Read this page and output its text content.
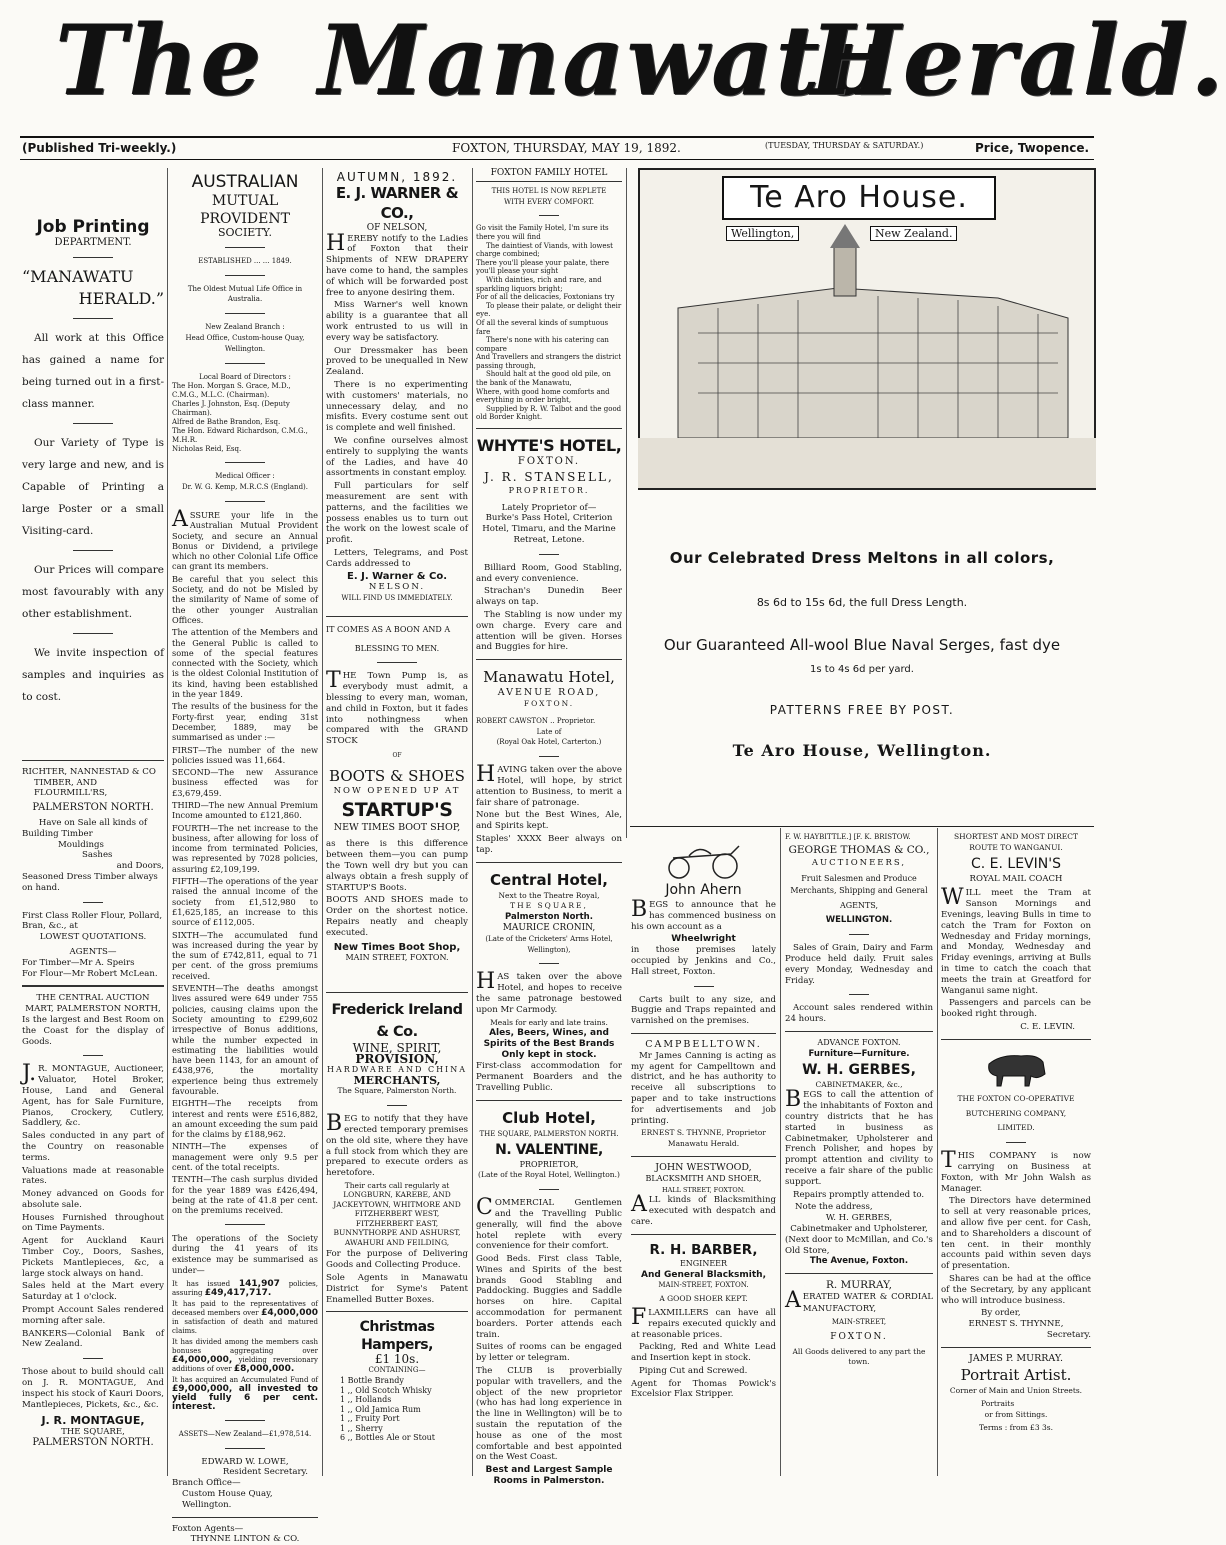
The Manawatu
Herald.
(Published Tri-weekly.)	FOXTON, THURSDAY, MAY 19, 1892.	(TUESDAY, THURSDAY & SATURDAY.)	Price, Twopence.
Job Printing
DEPARTMENT.
“MANAWATU
HERALD.”

All work at this Office has gained a name for being turned out in a first-class manner.

Our Variety of Type is very large and new, and is Capable of Printing a large Poster or a small Visiting-card.

Our Prices will compare most favourably with any other establishment.

We invite inspection of samples and inquiries as to cost.

RICHTER, NANNESTAD & CO
TIMBER, AND FLOURMILL'RS,
PALMERSTON NORTH.
Have on Sale all kinds of
Building Timber
Mouldings
Sashes
and Doors,
Seasoned Dress Timber always on hand.
First Class Roller Flour, Pollard, Bran, &c., at
LOWEST QUOTATIONS.
AGENTS—
For Timber—Mr A. Speirs
For Flour—Mr Robert McLean.
THE CENTRAL AUCTION MART, PALMERSTON NORTH,
Is the largest and Best Room on the Coast for the display of Goods.

J.R. MONTAGUE, Auctioneer, Valuator, Hotel Broker, House, Land and General Agent, has for Sale Furniture, Pianos, Crockery, Cutlery, Saddlery, &c.

Sales conducted in any part of the Country on reasonable terms.

Valuations made at reasonable rates.

Money advanced on Goods for absolute sale.

Houses Furnished throughout on Time Payments.

Agent for Auckland Kauri Timber Coy., Doors, Sashes, Pickets Mantlepieces, &c, a large stock always on hand.

Sales held at the Mart every Saturday at 1 o'clock.

Prompt Account Sales rendered morning after sale.

BANKERS—Colonial Bank of New Zealand.

Those about to build should call on J. R. MONTAGUE, And inspect his stock of Kauri Doors, Mantlepieces, Pickets, &c., &c.

J. R. MONTAGUE,
THE SQUARE,
PALMERSTON NORTH.
AUSTRALIAN
MUTUAL PROVIDENT
SOCIETY.
ESTABLISHED ... ... 1849.
The Oldest Mutual Life Office in Australia.
New Zealand Branch :
Head Office, Custom-house Quay, Wellington.
Local Board of Directors :
The Hon. Morgan S. Grace, M.D., C.M.G., M.L.C. (Chairman).
Charles J. Johnston, Esq. (Deputy Chairman).
Alfred de Bathe Brandon, Esq.
The Hon. Edward Richardson, C.M.G., M.H.R.
Nicholas Reid, Esq.
Medical Officer :
Dr. W. G. Kemp, M.R.C.S (England).

ASSURE your life in the Australian Mutual Provident Society, and secure an Annual Bonus or Dividend, a privilege which no other Colonial Life Office can grant its members.

Be careful that you select this Society, and do not be Misled by the similarity of Name of some of the other younger Australian Offices.

The attention of the Members and the General Public is called to some of the special features connected with the Society, which is the oldest Colonial Institution of its kind, having been established in the year 1849.

The results of the business for the Forty-first year, ending 31st December, 1889, may be summarised as under :—

FIRST—The number of the new policies issued was 11,664.

SECOND—The new Assurance business effected was for £3,679,459.

THIRD—The new Annual Premium Income amounted to £121,860.

FOURTH—The net increase to the business, after allowing for loss of income from terminated Policies, was represented by 7028 policies, assuring £2,109,199.

FIFTH—The operations of the year raised the annual income of the society from £1,512,980 to £1,625,185, an increase to this source of £112,005.

SIXTH—The accumulated fund was increased during the year by the sum of £742,811, equal to 71 per cent. of the gross premiums received.

SEVENTH—The deaths amongst lives assured were 649 under 755 policies, causing claims upon the Society amounting to £299,602 irrespective of Bonus additions, while the number expected in estimating the liabilities would have been 1143, for an amount of £438,976, the mortality experience being thus extremely favourable.

EIGHTH—The receipts from interest and rents were £516,882, an amount exceeding the sum paid for the claims by £188,962.

NINTH—The expenses of management were only 9.5 per cent. of the total receipts.

TENTH—The cash surplus divided for the year 1889 was £426,494, being at the rate of 41.8 per cent. on the premiums received.

The operations of the Society during the 41 years of its existence may be summarised as under—

It has issued 141,907 policies, assuring £49,417,717.

It has paid to the representatives of deceased members over £4,000,000 in satisfaction of death and matured claims.

It has divided among the members cash bonuses aggregating over £4,000,000, yielding reversionary additions of over £8,000,000.

It has acquired an Accumulated Fund of £9,000,000, all invested to yield fully 6 per cent. interest.

ASSETS—New Zealand—£1,978,514.
EDWARD W. LOWE,
Resident Secretary.
Branch Office—
Custom House Quay, Wellington.
Foxton Agents—
THYNNE LINTON & CO.
AUTUMN, 1892.
E. J. WARNER & CO.,
OF NELSON,

HEREBY notify to the Ladies of Foxton that their Shipments of NEW DRAPERY have come to hand, the samples of which will be forwarded post free to anyone desiring them.

Miss Warner's well known ability is a guarantee that all work entrusted to us will in every way be satisfactory.

Our Dressmaker has been proved to be unequalled in New Zealand.

There is no experimenting with customers' materials, no unnecessary delay, and no misfits. Every costume sent out is complete and well finished.

We confine ourselves almost entirely to supplying the wants of the Ladies, and have 40 assortments in constant employ.

Full particulars for self measurement are sent with patterns, and the facilities we possess enables us to turn out the work on the lowest scale of profit.

Letters, Telegrams, and Post Cards addressed to

E. J. Warner & Co.
NELSON.
WILL FIND US IMMEDIATELY.
IT COMES AS A BOON AND A
BLESSING TO MEN.

THE Town Pump is, as everybody must admit, a blessing to every man, woman, and child in Foxton, but it fades into nothingness when compared with the GRAND STOCK

OF
BOOTS & SHOES
NOW OPENED UP AT
STARTUP'S
NEW TIMES BOOT SHOP,

as there is this difference between them—you can pump the Town well dry but you can always obtain a fresh supply of STARTUP'S Boots.

BOOTS AND SHOES made to Order on the shortest notice. Repairs neatly and cheaply executed.

New Times Boot Shop,
MAIN STREET, FOXTON.
Frederick Ireland & Co.
WINE, SPIRIT,
PROVISION,
HARDWARE AND CHINA
MERCHANTS,
The Square, Palmerston North.

BEG to notify that they have erected temporary premises on the old site, where they have a full stock from which they are prepared to execute orders as heretofore.

Their carts call regularly at LONGBURN, KAREBE, AND JACKEYTOWN, WHITMORE AND FITZHERBERT WEST, FITZHERBERT EAST, BUNNYTHORPE AND ASHURST, AWAHURI AND FEILDING,

For the purpose of Delivering Goods and Collecting Produce.

Sole Agents in Manawatu District for Syme's Patent Enamelled Butter Boxes.

Christmas Hampers,
£1 10s.
CONTAINING—
1 Bottle Brandy
1 ,, Old Scotch Whisky
1 ,, Hollands
1 ,, Old Jamica Rum
1 ,, Fruity Port
1 ,, Sherry
6 ,, Bottles Ale or Stout
FOXTON FAMILY HOTEL
THIS HOTEL IS NOW REPLETE
WITH EVERY COMFORT.
Go visit the Family Hotel, I'm sure its there you will find
The daintiest of Viands, with lowest charge combined;
There you'll please your palate, there you'll please your sight
With dainties, rich and rare, and sparkling liquors bright;
For of all the delicacies, Foxtonians try
To please their palate, or delight their eye.
Of all the several kinds of sumptuous fare
There's none with his catering can compare
And Travellers and strangers the district passing through,
Should halt at the good old pile, on the bank of the Manawatu,
Where, with good home comforts and everything in order bright,
Supplied by R. W. Talbot and the good old Border Knight.
WHYTE'S HOTEL,
FOXTON.
J. R. STANSELL,
PROPRIETOR.
Lately Proprietor of—
Burke's Pass Hotel, Criterion Hotel, Timaru, and the Marine Retreat, Letone.

Billiard Room, Good Stabling, and every convenience.

Strachan's Dunedin Beer always on tap.

The Stabling is now under my own charge. Every care and attention will be given. Horses and Buggies for hire.

Manawatu Hotel,
AVENUE ROAD,
FOXTON.
ROBERT CAWSTON .. Proprietor.
Late of
(Royal Oak Hotel, Carterton.)

HAVING taken over the above Hotel, will hope, by strict attention to Business, to merit a fair share of patronage.

None but the Best Wines, Ale, and Spirits kept.

Staples' XXXX Beer always on tap.

Central Hotel,
Next to the Theatre Royal,
THE SQUARE,
Palmerston North.
MAURICE CRONIN,
(Late of the Cricketers' Arms Hotel, Wellington),

HAS taken over the above Hotel, and hopes to receive the same patronage bestowed upon Mr Carmody.

Meals for early and late trains.
Ales, Beers, Wines, and Spirits of the Best Brands Only kept in stock.

First-class accommodation for Permanent Boarders and the Travelling Public.

Club Hotel,
THE SQUARE, PALMERSTON NORTH.
N. VALENTINE,
PROPRIETOR,
(Late of the Royal Hotel, Wellington.)

COMMERCIAL Gentlemen and the Travelling Public generally, will find the above hotel replete with every convenience for their comfort.

Good Beds. First class Table, Wines and Spirits of the best brands Good Stabling and Paddocking. Buggies and Saddle horses on hire. Capital accommodation for permanent boarders. Porter attends each train.

Suites of rooms can be engaged by letter or telegram.

The CLUB is proverbially popular with travellers, and the object of the new proprietor (who has had long experience in the line in Wellington) will be to sustain the reputation of the house as one of the most comfortable and best appointed on the West Coast.

Best and Largest Sample Rooms in Palmerston.
Te Aro House.
Wellington,	New Zealand.
Our Celebrated Dress Meltons in all colors,
8s 6d to 15s 6d, the full Dress Length.
Our Guaranteed All-wool Blue Naval Serges, fast dye
1s to 4s 6d per yard.
PATTERNS FREE BY POST.
Te Aro House, Wellington.
John Ahern

BEGS to announce that he has commenced business on his own account as a

Wheelwright

in those premises lately occupied by Jenkins and Co., Hall street, Foxton.

Carts built to any size, and Buggie and Traps repainted and varnished on the premises.

CAMPBELLTOWN.

Mr James Canning is acting as my agent for Campelltown and district, and he has authority to receive all subscriptions to paper and to take instructions for advertisements and job printing.

ERNEST S. THYNNE, Proprietor Manawatu Herald.
JOHN WESTWOOD,
BLACKSMITH AND SHOER,
HALL STREET, FOXTON.

ALL kinds of Blacksmithing executed with despatch and care.

R. H. BARBER,
ENGINEER
And General Blacksmith,
MAIN-STREET, FOXTON.
A GOOD SHOER KEPT.

FLAXMILLERS can have all repairs executed quickly and at reasonable prices.

Packing, Red and White Lead and Insertion kept in stock.

Piping Cut and Screwed.

Agent for Thomas Powick's Excelsior Flax Stripper.

F. W. HAYBITTLE.] [F. K. BRISTOW.
GEORGE THOMAS & CO.,
AUCTIONEERS,
Fruit Salesmen and Produce Merchants, Shipping and General
AGENTS,
WELLINGTON.

Sales of Grain, Dairy and Farm Produce held daily. Fruit sales every Monday, Wednesday and Friday.

Account sales rendered within 24 hours.

ADVANCE FOXTON.
Furniture—Furniture.
W. H. GERBES,
CABINETMAKER, &c.,

BEGS to call the attention of the inhabitants of Foxton and country districts that he has started in business as Cabinetmaker, Upholsterer and French Polisher, and hopes by prompt attention and civility to receive a fair share of the public support.

Repairs promptly attended to.

Note the address,
W. H. GERBES,
Cabinetmaker and Upholsterer,
(Next door to McMillan, and Co.'s Old Store,
The Avenue, Foxton.
R. MURRAY,

AERATED WATER & CORDIAL MANUFACTORY,

MAIN-STREET,
FOXTON.
All Goods delivered to any part the town.
SHORTEST AND MOST DIRECT
ROUTE TO WANGANUI.
C. E. LEVIN'S
ROYAL MAIL COACH

WILL meet the Tram at Sanson Mornings and Evenings, leaving Bulls in time to catch the Tram for Foxton on Wednesday and Friday mornings, and Monday, Wednesday and Friday evenings, arriving at Bulls in time to catch the coach that meets the train at Greatford for Wanganui same night.

Passengers and parcels can be booked right through.

C. E. LEVIN.
THE FOXTON CO-OPERATIVE
BUTCHERING COMPANY,
LIMITED.

THIS COMPANY is now carrying on Business at Foxton, with Mr John Walsh as Manager.

The Directors have determined to sell at very reasonable prices, and allow five per cent. for Cash, and to Shareholders a discount of ten cent. in their monthly accounts paid within seven days of presentation.

Shares can be had at the office of the Secretary, by any applicant who will introduce business.

By order,
ERNEST S. THYNNE,
Secretary.
JAMES P. MURRAY.
Portrait Artist.
Corner of Main and Union Streets.
Portraits
or from Sittings.
Terms : from £3 3s.
